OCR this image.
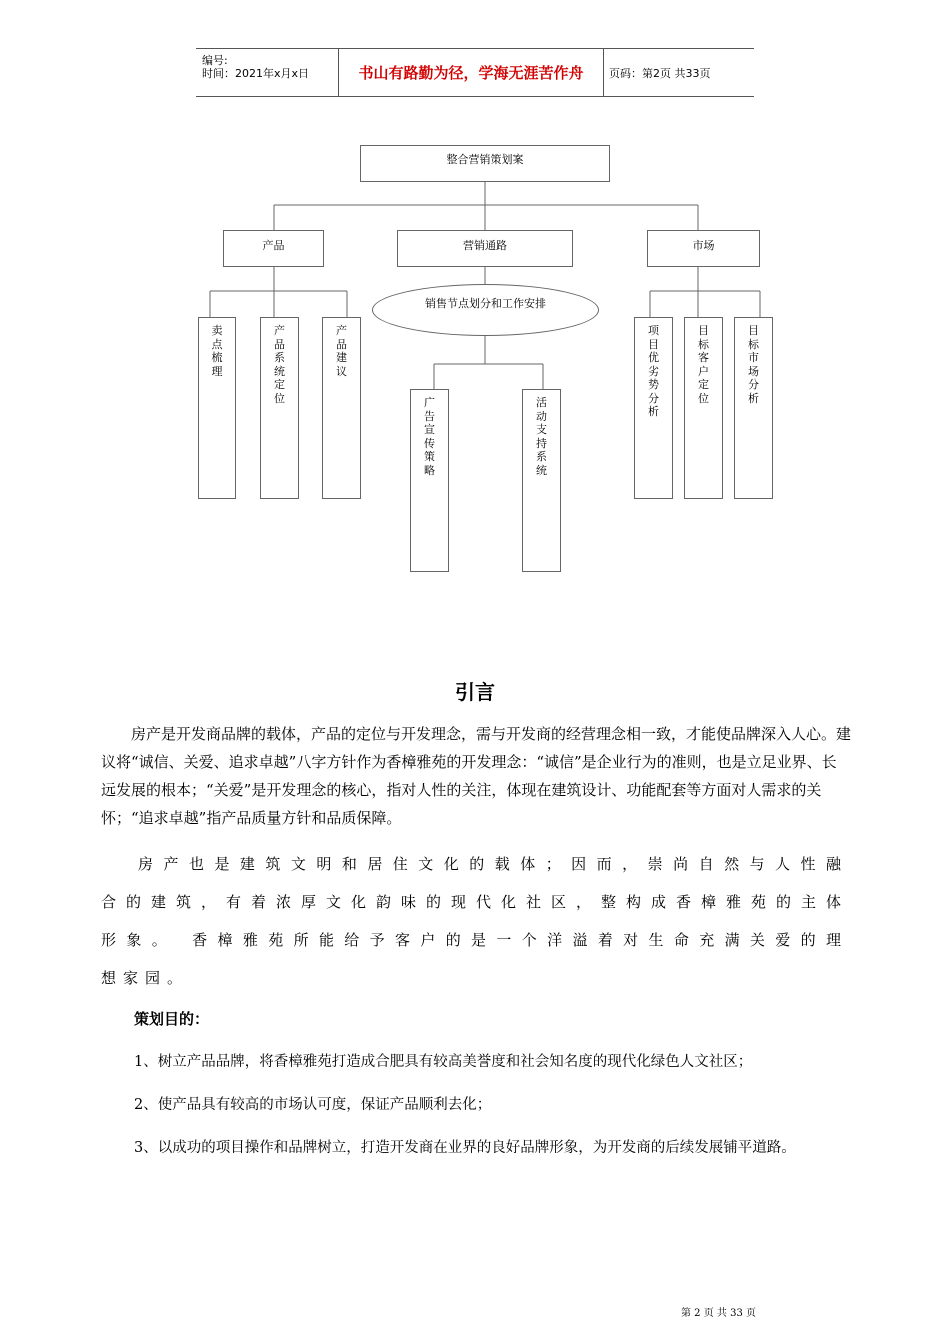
编号:
时间：2021年x月x日	书山有路勤为径，学海无涯苦作舟	页码：第2页 共33页
整合营销策划案
产品	营销通路	市场
卖点梳理
产品系统定位
产品建议
销售节点划分和工作安排
广告宣传策略
活动支持系统
项目优劣势分析
目标客户定位
目标市场分析
引言
房产是开发商品牌的载体，产品的定位与开发理念，需与开发商的经营理念相一致，才能使品牌深入人心。建议将“诚信、关爱、追求卓越”八字方针作为香樟雅苑的开发理念：“诚信”是企业行为的准则，也是立足业界、长远发展的根本；“关爱”是开发理念的核心，指对人性的关注，体现在建筑设计、功能配套等方面对人需求的关怀；“追求卓越”指产品质量方针和品质保障。
房产也是建筑文明和居住文化的载体；因而，崇尚自然与人性融
合的建筑，有着浓厚文化韵味的现代化社区，整构成香樟雅苑的主体
形象。 香樟雅苑所能给予客户的是一个洋溢着对生命充满关爱的理
想家园。
策划目的：
1、树立产品品牌，将香樟雅苑打造成合肥具有较高美誉度和社会知名度的现代化绿色人文社区；
2、使产品具有较高的市场认可度，保证产品顺利去化；
3、以成功的项目操作和品牌树立，打造开发商在业界的良好品牌形象，为开发商的后续发展铺平道路。
第 2 页 共 33 页
